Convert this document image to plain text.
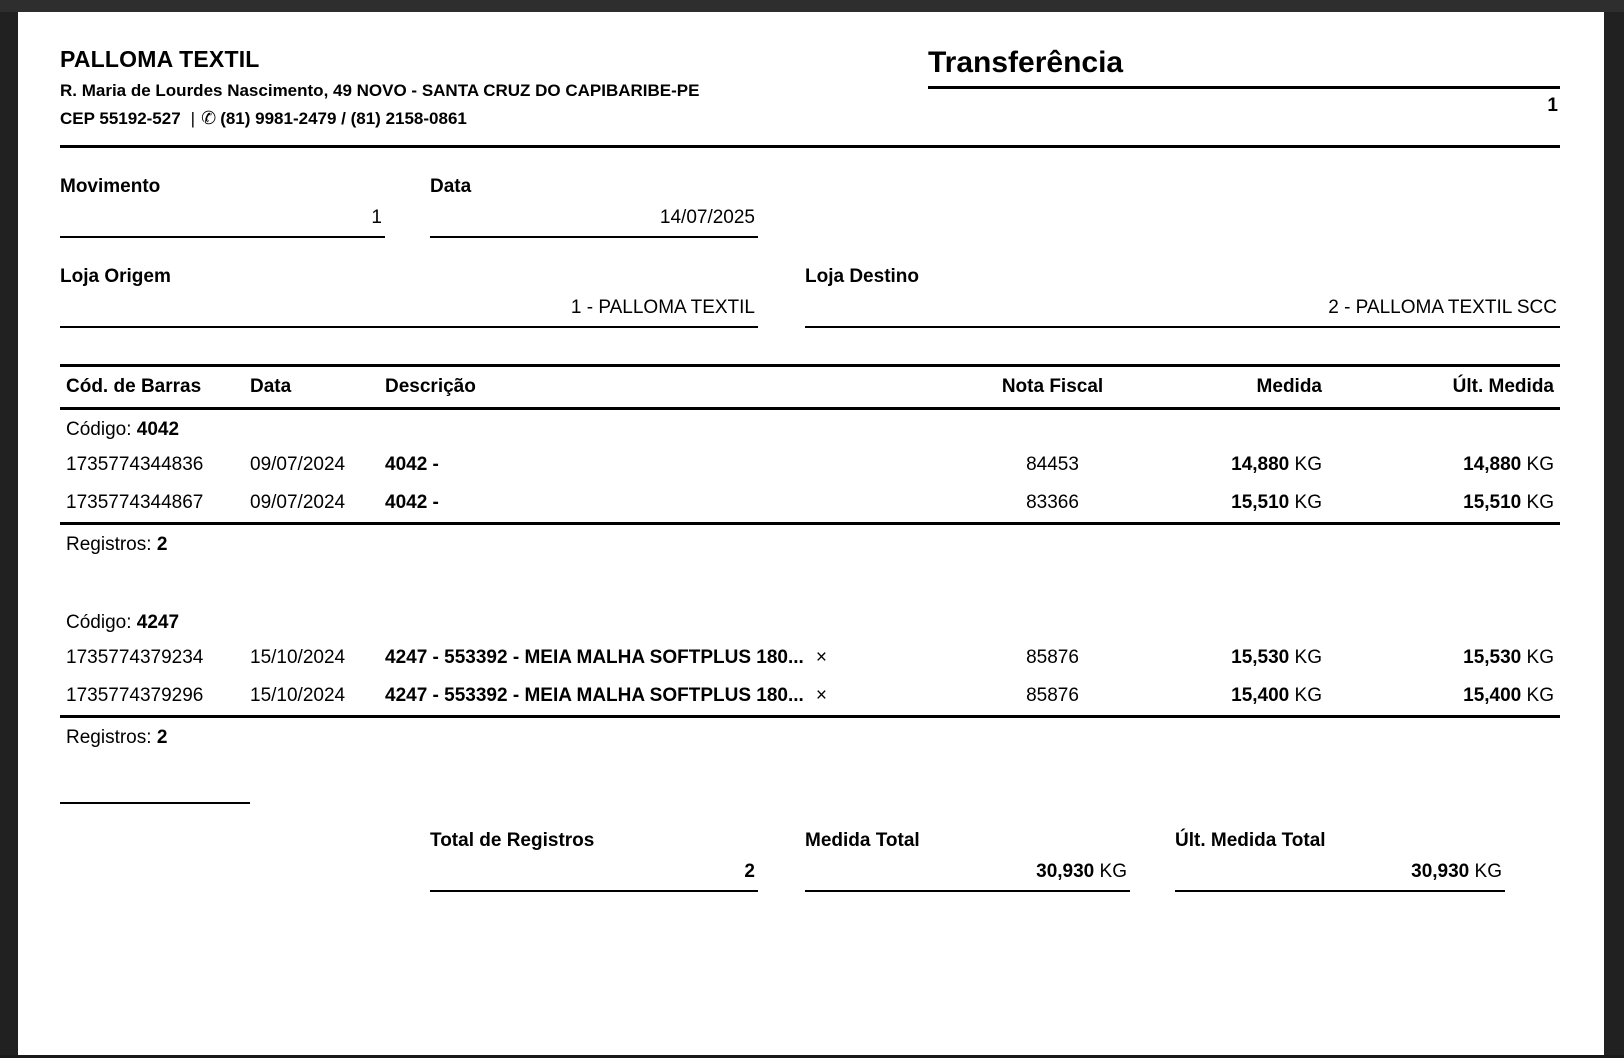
PALLOMA TEXTIL
R. Maria de Lourdes Nascimento, 49 NOVO - SANTA CRUZ DO CAPIBARIBE-PE
CEP 55192-527 | ✆ (81) 9981-2479 / (81) 2158-0861
Transferência
1
Movimento
1
Data
14/07/2025
Loja Origem
1 - PALLOMA TEXTIL
Loja Destino
2 - PALLOMA TEXTIL SCC
Cód. de Barras	Data	Descrição	Nota Fiscal	Medida	Últ. Medida
Código: 4042
1735774344836	09/07/2024	4042 -	84453	14,880 KG	14,880 KG
1735774344867	09/07/2024	4042 -	83366	15,510 KG	15,510 KG
Registros: 2
Código: 4247
1735774379234	15/10/2024	4247 - 553392 - MEIA MALHA SOFTPLUS 180... ×	85876	15,530 KG	15,530 KG
1735774379296	15/10/2024	4247 - 553392 - MEIA MALHA SOFTPLUS 180... ×	85876	15,400 KG	15,400 KG
Registros: 2
Total de Registros
2
Medida Total
30,930 KG
Últ. Medida Total
30,930 KG
